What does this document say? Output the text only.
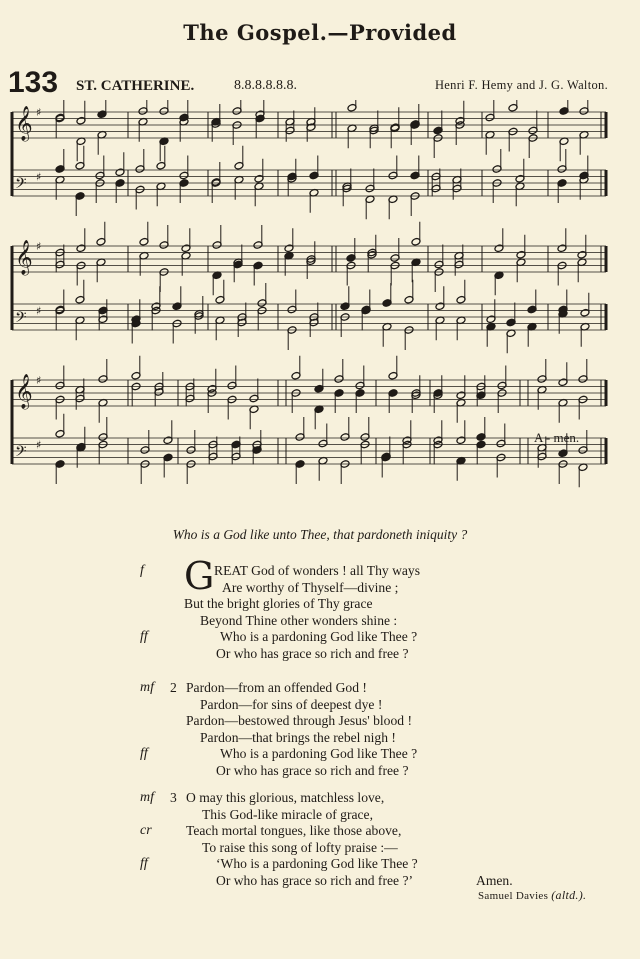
The Gospel.—Provided
133 ST. CATHERINE.	8.8.8.8.8.8.	Henri F. Hemy and J. G. Walton.
𝄞 ♯
𝄢 ♯
𝄞 ♯
𝄢 ♯
𝄞 ♯
𝄢 ♯	A - men.
Who is a God like unto Thee, that pardoneth iniquity ?
G
f	REAT God of wonders ! all Thy ways
Are worthy of Thyself—divine ;
But the bright glories of Thy grace
Beyond Thine other wonders shine :
ff	Who is a pardoning God like Thee ?
Or who has grace so rich and free ?
mf 2 Pardon—from an offended God !
Pardon—for sins of deepest dye !
Pardon—bestowed through Jesus' blood !
Pardon—that brings the rebel nigh !
ff	Who is a pardoning God like Thee ?
Or who has grace so rich and free ?
mf 3 O may this glorious, matchless love,
This God-like miracle of grace,
cr	Teach mortal tongues, like those above,
To raise this song of lofty praise :—
ff	‘Who is a pardoning God like Thee ?
Amen.
Or who has grace so rich and free ?’
Samuel Davies (altd.).
